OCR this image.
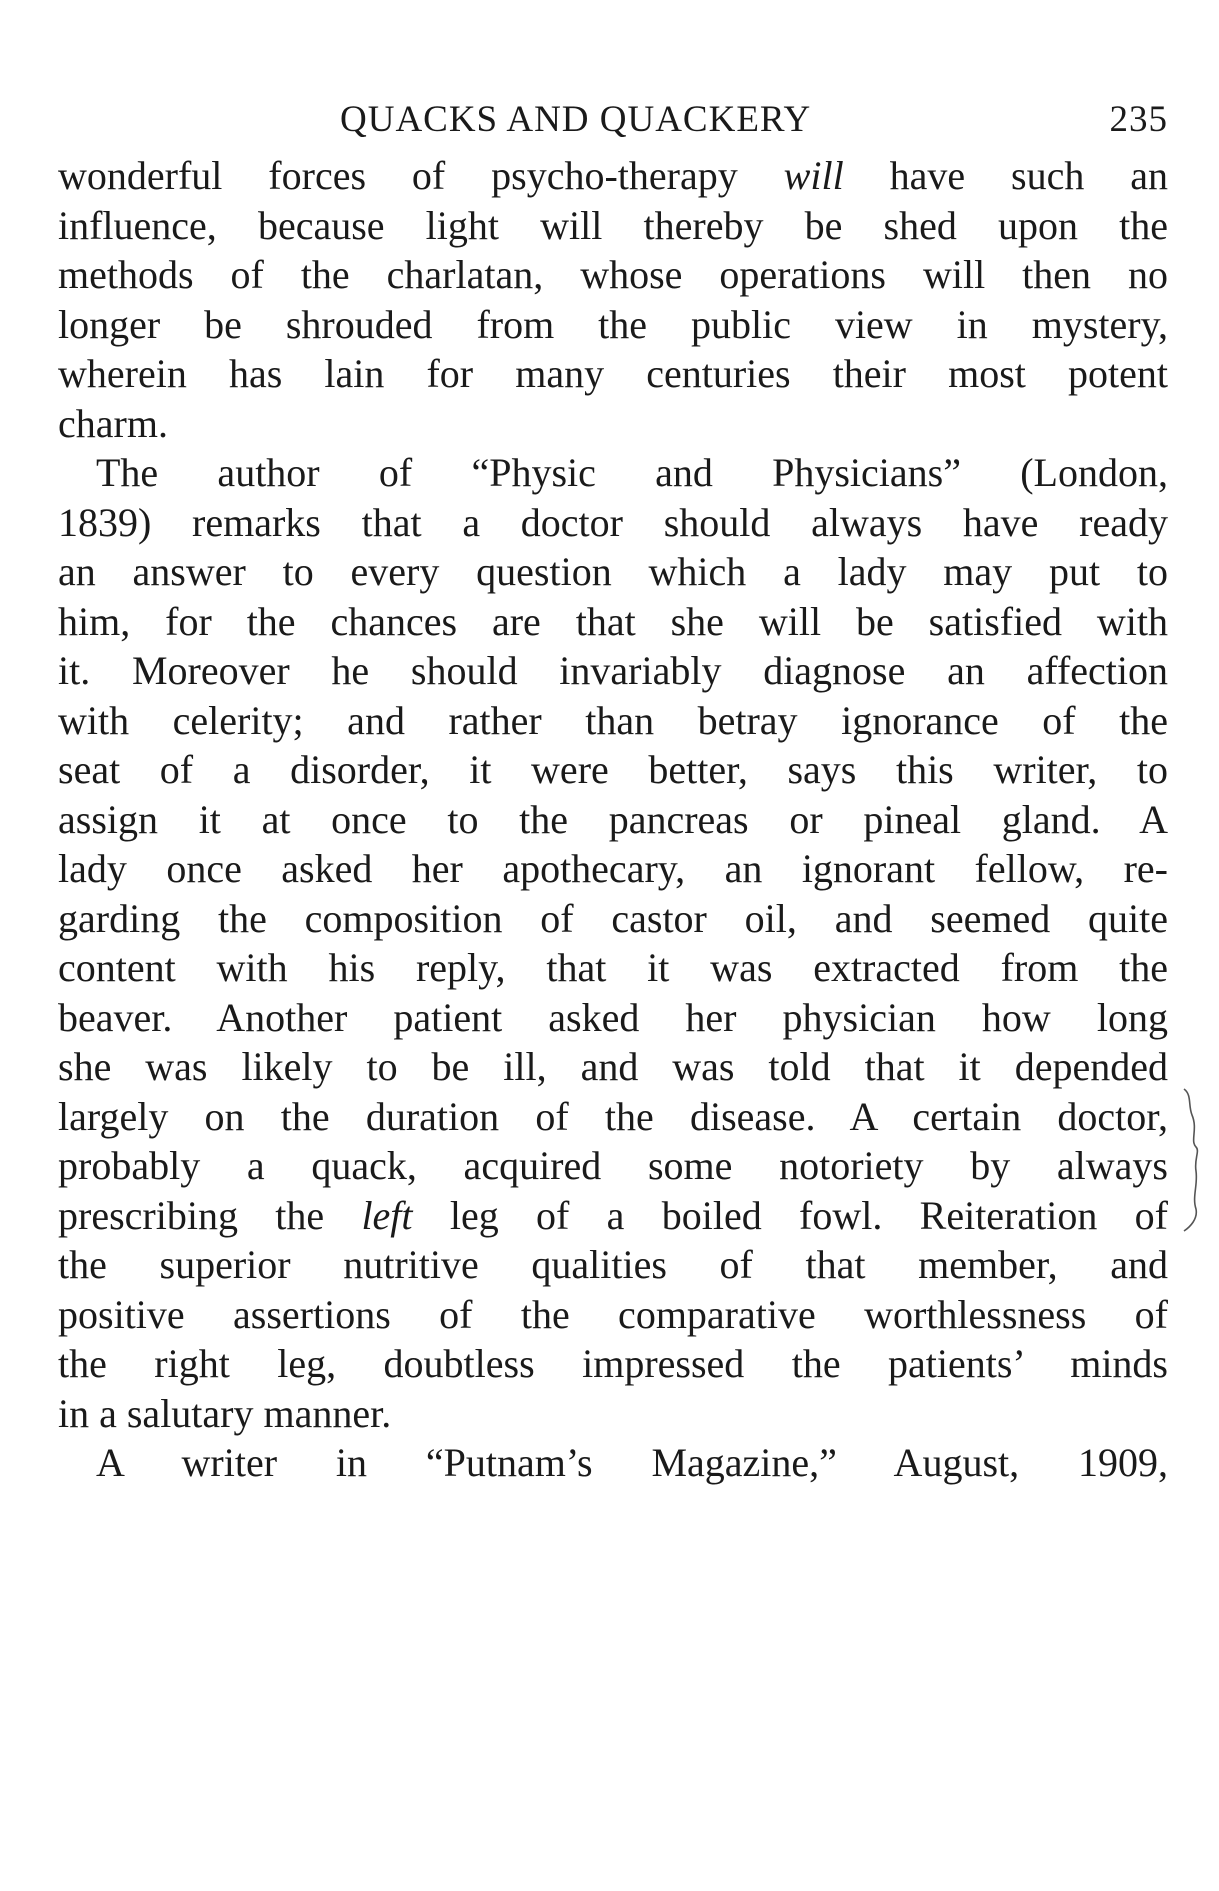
QUACKS AND QUACKERY	235
wonderful forces of psycho-therapy will have such an
influence, because light will thereby be shed upon the
methods of the charlatan, whose operations will then no
longer be shrouded from the public view in mystery,
wherein has lain for many centuries their most potent
charm.
The author of “Physic and Physicians” (London,
1839) remarks that a doctor should always have ready
an answer to every question which a lady may put to
him, for the chances are that she will be satisfied with
it. Moreover he should invariably diagnose an affection
with celerity; and rather than betray ignorance of the
seat of a disorder, it were better, says this writer, to
assign it at once to the pancreas or pineal gland. A
lady once asked her apothecary, an ignorant fellow, re-
garding the composition of castor oil, and seemed quite
content with his reply, that it was extracted from the
beaver. Another patient asked her physician how long
she was likely to be ill, and was told that it depended
largely on the duration of the disease. A certain doctor,
probably a quack, acquired some notoriety by always
prescribing the left leg of a boiled fowl. Reiteration of
the superior nutritive qualities of that member, and
positive assertions of the comparative worthlessness of
the right leg, doubtless impressed the patients’ minds
in a salutary manner.
A writer in “Putnam’s Magazine,” August, 1909,
